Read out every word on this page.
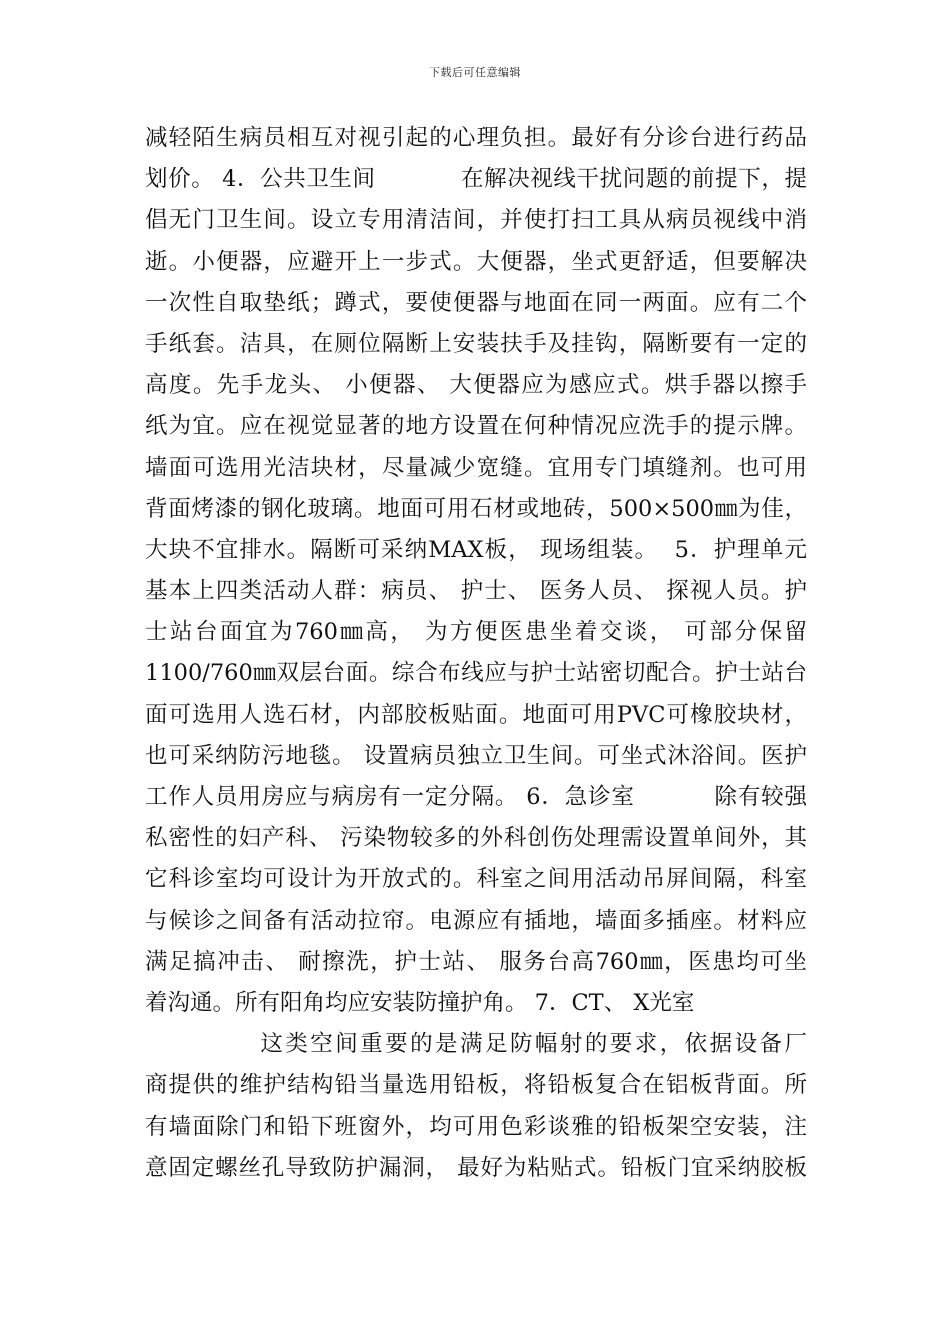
下载后可任意编辑
减轻陌生病员相互对视引起的心理负担。最好有分诊台进行药品
划价。 4．公共卫生间           在解决视线干扰问题的前提下，提
倡无门卫生间。设立专用清洁间，并使打扫工具从病员视线中消
逝。小便器，应避开上一步式。大便器，坐式更舒适，但要解决
一次性自取垫纸；蹲式，要使便器与地面在同一两面。应有二个
手纸套。洁具，在厕位隔断上安装扶手及挂钩，隔断要有一定的
高度。先手龙头、 小便器、 大便器应为感应式。烘手器以擦手
纸为宜。应在视觉显著的地方设置在何种情况应洗手的提示牌。
墙面可选用光洁块材，尽量减少宽缝。宜用专门填缝剂。也可用
背面烤漆的钢化玻璃。地面可用石材或地砖，500×500㎜为佳，
大块不宜排水。隔断可采纳MAX板， 现场组装。  5．护理单元
基本上四类活动人群：病员、 护士、 医务人员、 探视人员。护
士站台面宜为760㎜高， 为方便医患坐着交谈， 可部分保留
1100/760㎜双层台面。综合布线应与护士站密切配合。护士站台
面可选用人选石材，内部胶板贴面。地面可用PVC可橡胶块材，
也可采纳防污地毯。 设置病员独立卫生间。可坐式沐浴间。医护
工作人员用房应与病房有一定分隔。 6．急诊室          除有较强
私密性的妇产科、 污染物较多的外科创伤处理需设置单间外，其
它科诊室均可设计为开放式的。科室之间用活动吊屏间隔，科室
与候诊之间备有活动拉帘。电源应有插地，墙面多插座。材料应
满足搞冲击、 耐擦洗，护士站、 服务台高760㎜，医患均可坐
着沟通。所有阳角均应安装防撞护角。 7．CT、 X光室
这类空间重要的是满足防幅射的要求，依据设备厂
商提供的维护结构铅当量选用铅板，将铅板复合在铝板背面。所
有墙面除门和铅下班窗外，均可用色彩谈雅的铅板架空安装，注
意固定螺丝孔导致防护漏洞， 最好为粘贴式。铅板门宜采纳胶板
